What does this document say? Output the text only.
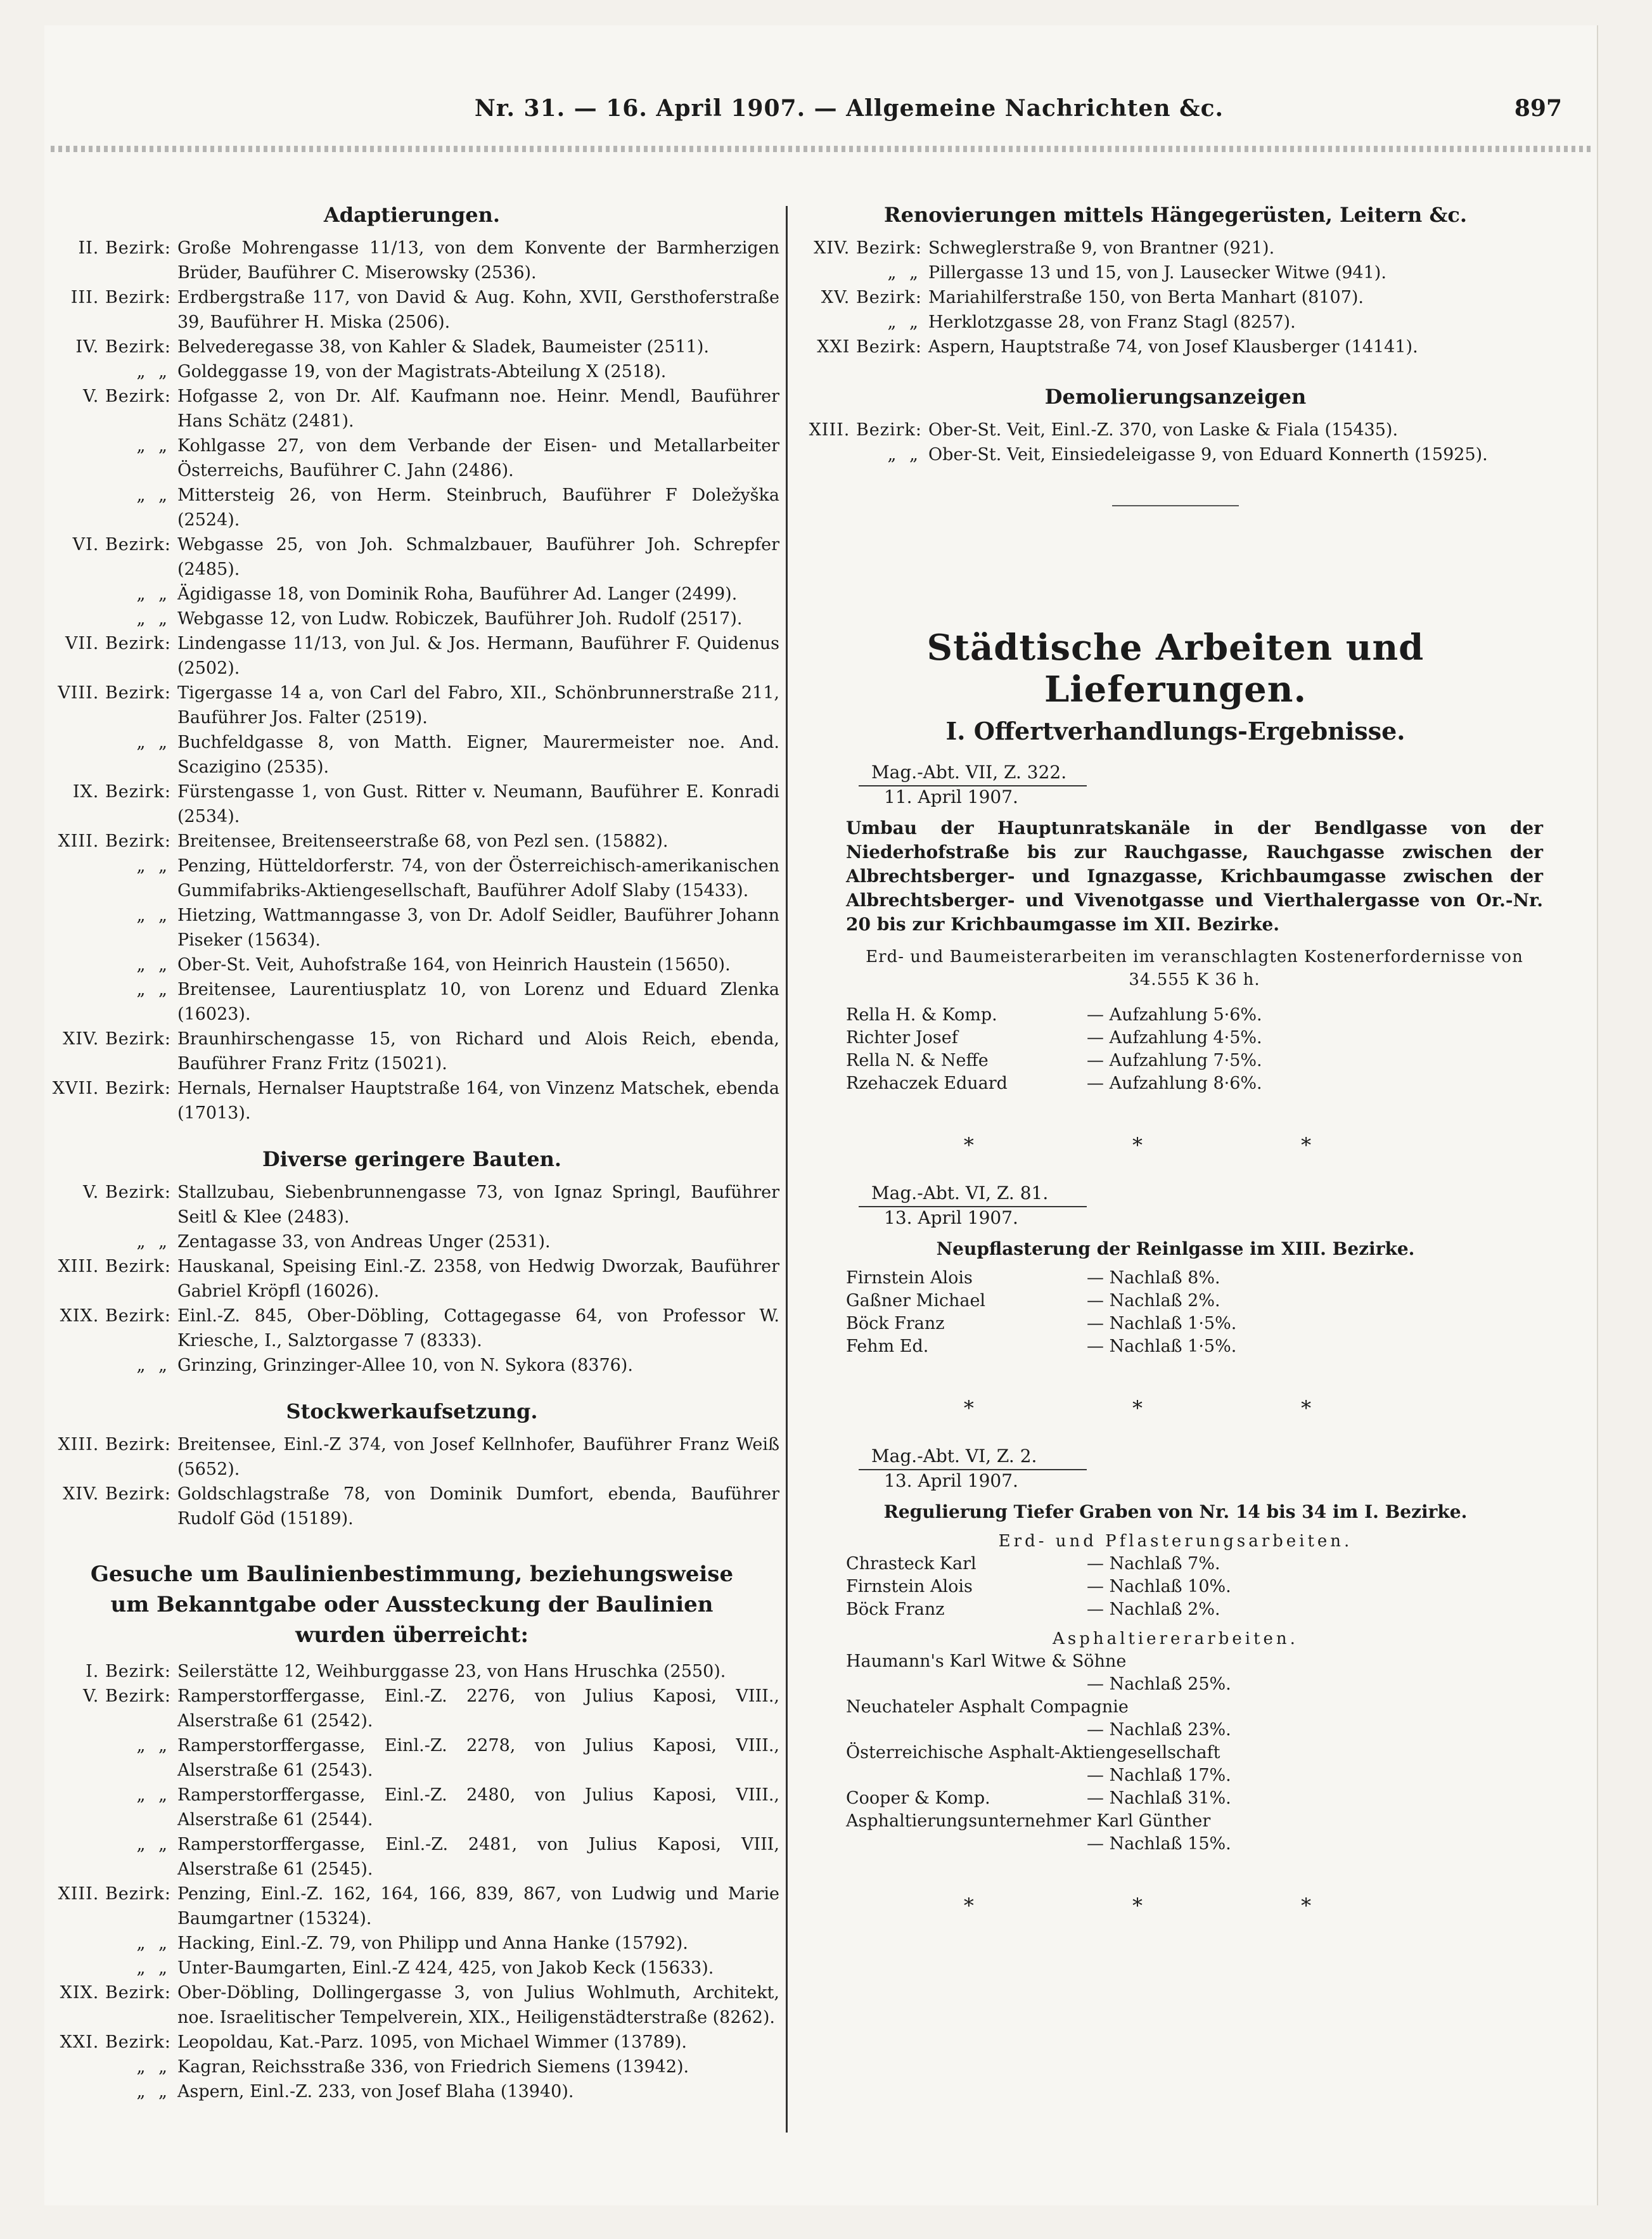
Nr. 31. — 16. April 1907. — Allgemeine Nachrichten &c.	897
Adaptierungen.
II. Bezirk: Große Mohrengasse 11/13, von dem Konvente der Barmherzigen Brüder, Bauführer C. Miserowsky (2536).
III. Bezirk: Erdbergstraße 117, von David & Aug. Kohn, XVII, Gersthoferstraße 39, Bauführer H. Miska (2506).
IV. Bezirk: Belvederegasse 38, von Kahler & Sladek, Baumeister (2511).
„ „ Goldeggasse 19, von der Magistrats-Abteilung X (2518).
V. Bezirk: Hofgasse 2, von Dr. Alf. Kaufmann noe. Heinr. Mendl, Bauführer Hans Schätz (2481).
„ „ Kohlgasse 27, von dem Verbande der Eisen- und Metallarbeiter Österreichs, Bauführer C. Jahn (2486).
„ „ Mittersteig 26, von Herm. Steinbruch, Bauführer F Doležyška (2524).
VI. Bezirk: Webgasse 25, von Joh. Schmalzbauer, Bauführer Joh. Schrepfer (2485).
„ „ Ägidigasse 18, von Dominik Roha, Bauführer Ad. Langer (2499).
„ „ Webgasse 12, von Ludw. Robiczek, Bauführer Joh. Rudolf (2517).
VII. Bezirk: Lindengasse 11/13, von Jul. & Jos. Hermann, Bauführer F. Quidenus (2502).
VIII. Bezirk: Tigergasse 14 a, von Carl del Fabro, XII., Schönbrunnerstraße 211, Bauführer Jos. Falter (2519).
„ „ Buchfeldgasse 8, von Matth. Eigner, Maurermeister noe. And. Scazigino (2535).
IX. Bezirk: Fürstengasse 1, von Gust. Ritter v. Neumann, Bauführer E. Konradi (2534).
XIII. Bezirk: Breitensee, Breitenseerstraße 68, von Pezl sen. (15882).
„ „ Penzing, Hütteldorferstr. 74, von der Österreichisch-amerikanischen Gummifabriks-Aktiengesellschaft, Bauführer Adolf Slaby (15433).
„ „ Hietzing, Wattmanngasse 3, von Dr. Adolf Seidler, Bauführer Johann Piseker (15634).
„ „ Ober-St. Veit, Auhofstraße 164, von Heinrich Haustein (15650).
„ „ Breitensee, Laurentiusplatz 10, von Lorenz und Eduard Zlenka (16023).
XIV. Bezirk: Braunhirschengasse 15, von Richard und Alois Reich, ebenda, Bauführer Franz Fritz (15021).
XVII. Bezirk: Hernals, Hernalser Hauptstraße 164, von Vinzenz Matschek, ebenda (17013).
Diverse geringere Bauten.
V. Bezirk: Stallzubau, Siebenbrunnengasse 73, von Ignaz Springl, Bauführer Seitl & Klee (2483).
„ „ Zentagasse 33, von Andreas Unger (2531).
XIII. Bezirk: Hauskanal, Speising Einl.-Z. 2358, von Hedwig Dworzak, Bauführer Gabriel Kröpfl (16026).
XIX. Bezirk: Einl.-Z. 845, Ober-Döbling, Cottagegasse 64, von Professor W. Kriesche, I., Salztorgasse 7 (8333).
„ „ Grinzing, Grinzinger-Allee 10, von N. Sykora (8376).
Stockwerkaufsetzung.
XIII. Bezirk: Breitensee, Einl.-Z 374, von Josef Kellnhofer, Bauführer Franz Weiß (5652).
XIV. Bezirk: Goldschlagstraße 78, von Dominik Dumfort, ebenda, Bauführer Rudolf Göd (15189).
Gesuche um Baulinienbestimmung, beziehungsweise um Bekanntgabe oder Aussteckung der Baulinien wurden überreicht:
I. Bezirk: Seilerstätte 12, Weihburggasse 23, von Hans Hruschka (2550).
V. Bezirk: Ramperstorffergasse, Einl.-Z. 2276, von Julius Kaposi, VIII., Alserstraße 61 (2542).
„ „ Ramperstorffergasse, Einl.-Z. 2278, von Julius Kaposi, VIII., Alserstraße 61 (2543).
„ „ Ramperstorffergasse, Einl.-Z. 2480, von Julius Kaposi, VIII., Alserstraße 61 (2544).
„ „ Ramperstorffergasse, Einl.-Z. 2481, von Julius Kaposi, VIII, Alserstraße 61 (2545).
XIII. Bezirk: Penzing, Einl.-Z. 162, 164, 166, 839, 867, von Ludwig und Marie Baumgartner (15324).
„ „ Hacking, Einl.-Z. 79, von Philipp und Anna Hanke (15792).
„ „ Unter-Baumgarten, Einl.-Z 424, 425, von Jakob Keck (15633).
XIX. Bezirk: Ober-Döbling, Dollingergasse 3, von Julius Wohlmuth, Architekt, noe. Israelitischer Tempelverein, XIX., Heiligenstädterstraße (8262).
XXI. Bezirk: Leopoldau, Kat.-Parz. 1095, von Michael Wimmer (13789).
„ „ Kagran, Reichsstraße 336, von Friedrich Siemens (13942).
„ „ Aspern, Einl.-Z. 233, von Josef Blaha (13940).
Renovierungen mittels Hängegerüsten, Leitern &c.
XIV. Bezirk: Schweglerstraße 9, von Brantner (921).
„ „ Pillergasse 13 und 15, von J. Lausecker Witwe (941).
XV. Bezirk: Mariahilferstraße 150, von Berta Manhart (8107).
„ „ Herklotzgasse 28, von Franz Stagl (8257).
XXI Bezirk: Aspern, Hauptstraße 74, von Josef Klausberger (14141).
Demolierungsanzeigen
XIII. Bezirk: Ober-St. Veit, Einl.-Z. 370, von Laske & Fiala (15435).
„ „ Ober-St. Veit, Einsiedeleigasse 9, von Eduard Konnerth (15925).
Städtische Arbeiten und Lieferungen.
I. Offertverhandlungs-Ergebnisse.
Mag.-Abt. VII, Z. 322.
11. April 1907.
Umbau der Hauptunratskanäle in der Bendlgasse von der Niederhofstraße bis zur Rauchgasse, Rauchgasse zwischen der Albrechtsberger- und Ignazgasse, Krichbaumgasse zwischen der Albrechtsberger- und Vivenotgasse und Vierthalergasse von Or.-Nr. 20 bis zur Krichbaumgasse im XII. Bezirke.
Erd- und Baumeisterarbeiten im veranschlagten Kostenerfordernisse von 34.555 K 36 h.
Rella H. & Komp.	— Aufzahlung 5·6%.
Richter Josef	— Aufzahlung 4·5%.
Rella N. & Neffe	— Aufzahlung 7·5%.
Rzehaczek Eduard	— Aufzahlung 8·6%.
* * *
Mag.-Abt. VI, Z. 81.
13. April 1907.
Neupflasterung der Reinlgasse im XIII. Bezirke.
Firnstein Alois	— Nachlaß 8%.
Gaßner Michael	— Nachlaß 2%.
Böck Franz	— Nachlaß 1·5%.
Fehm Ed.	— Nachlaß 1·5%.
* * *
Mag.-Abt. VI, Z. 2.
13. April 1907.
Regulierung Tiefer Graben von Nr. 14 bis 34 im I. Bezirke.
Erd- und Pflasterungsarbeiten.
Chrasteck Karl	— Nachlaß 7%.
Firnstein Alois	— Nachlaß 10%.
Böck Franz	— Nachlaß 2%.
Asphaltiererarbeiten.
Haumann's Karl Witwe & Söhne
— Nachlaß 25%.
Neuchateler Asphalt Compagnie
— Nachlaß 23%.
Österreichische Asphalt-Aktiengesellschaft
— Nachlaß 17%.
Cooper & Komp.	— Nachlaß 31%.
Asphaltierungsunternehmer Karl Günther
— Nachlaß 15%.
* * *
